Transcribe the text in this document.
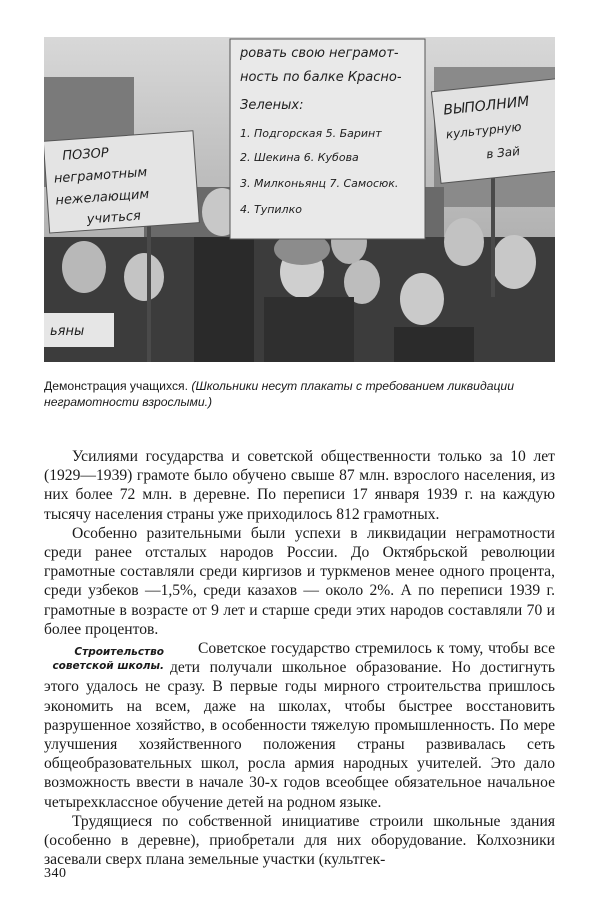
ровать свою неграмот-
ность по балке Красно-
Зеленых:
1. Подгорская 5. Баринт
2. Шекина 6. Кубова
3. Милконьянц 7. Самосюк.
4. Тупилко
ПОЗОР
неграмотным
нежелающим
учиться
ВЫПОЛНИМ
культурную
в Зай
ьяны
Демонстрация учащихся. (Школьники несут плакаты с требованием ликвидации неграмотности взрослыми.)

Усилиями государства и советской общественности только за 10 лет (1929—1939) грамоте было обучено свыше 87 млн. взрослого населения, из них более 72 млн. в деревне. По переписи 17 января 1939 г. на каждую тысячу населения страны уже приходилось 812 грамотных.

Особенно разительными были успехи в ликвидации неграмотности среди ранее отсталых народов России. До Октябрьской революции грамотные составляли среди киргизов и туркменов менее одного процента, среди узбеков —1,5%, среди казахов — около 2%. А по переписи 1939 г. грамотные в возрасте от 9 лет и старше среди этих народов составляли 70 и более процентов.

Строительство советской школы.
Советское государство стремилось к тому, чтобы все дети получали школьное образование. Но достигнуть этого удалось не сразу. В первые годы мирного строительства пришлось экономить на всем, даже на школах, чтобы быстрее восстановить разрушенное хозяйство, в особенности тяжелую промышленность. По мере улучшения хозяйственного положения страны развивалась сеть общеобразовательных школ, росла армия народных учителей. Это дало возможность ввести в начале 30-х годов всеобщее обязательное начальное четырехклассное обучение детей на родном языке.

Трудящиеся по собственной инициативе строили школьные здания (особенно в деревне), приобретали для них оборудование. Колхозники засевали сверх плана земельные участки (культгек-

340
